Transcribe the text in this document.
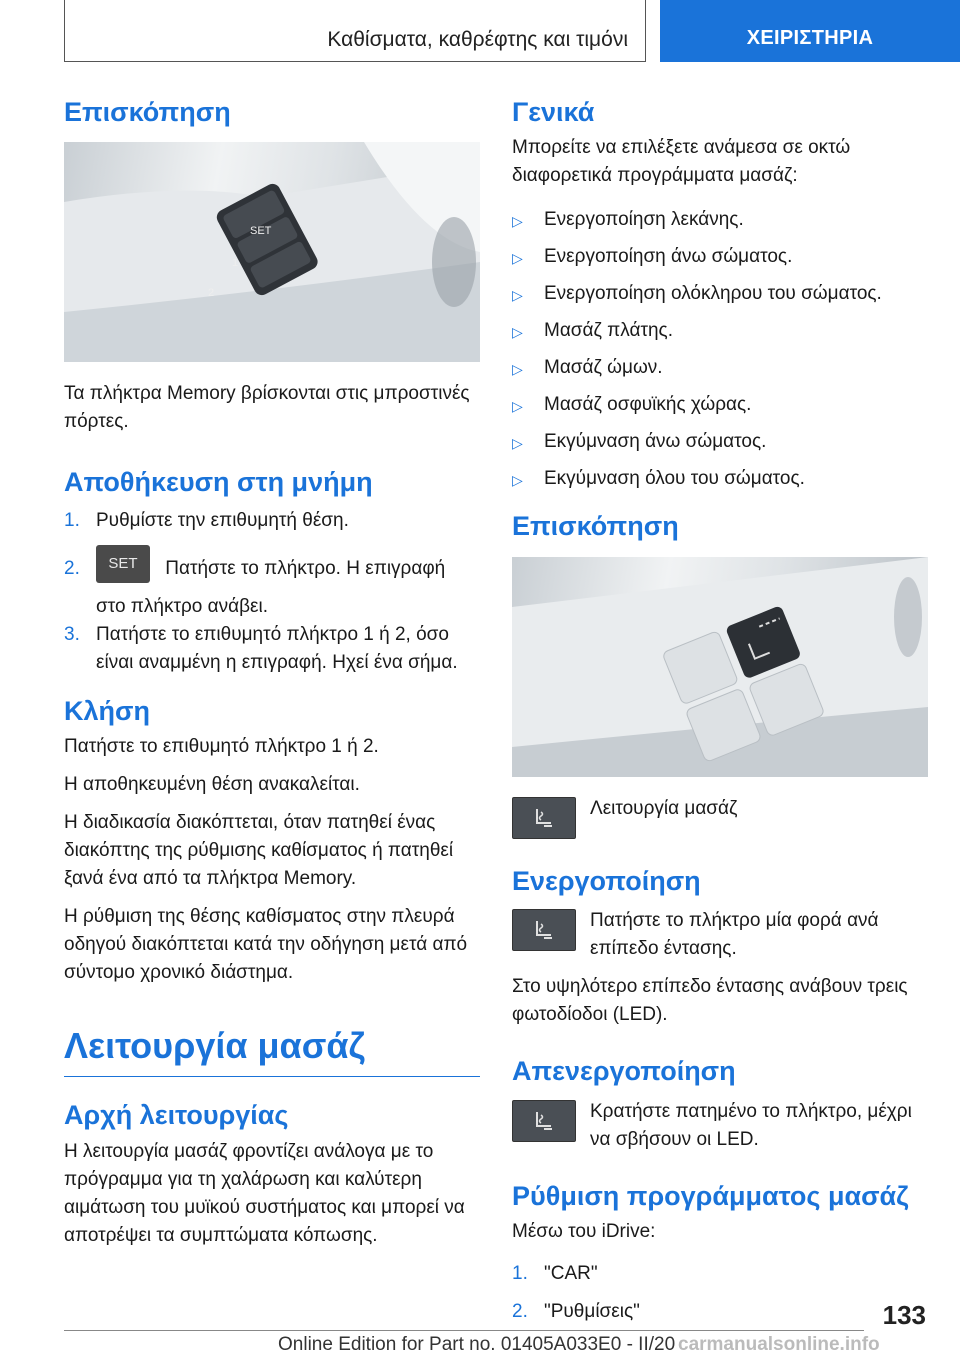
Καθίσματα, καθρέφτης και τιμόνι	ΧΕΙΡΙΣΤΗΡΙΑ
Επισκόπηση
SET
1
2

Τα πλήκτρα Memory βρίσκονται στις μπροστινές πόρτες.

Αποθήκευση στη μνήμη
1. Ρυθμίστε την επιθυμητή θέση.
2.	SET Πατήστε το πλήκτρο. Η επιγραφή στο πλήκτρο ανάβει.
3. Πατήστε το επιθυμητό πλήκτρο 1 ή 2, όσο είναι αναμμένη η επιγραφή. Ηχεί ένα σήμα.
Κλήση

Πατήστε το επιθυμητό πλήκτρο 1 ή 2.

Η αποθηκευμένη θέση ανακαλείται.

Η διαδικασία διακόπτεται, όταν πατηθεί ένας διακόπτης της ρύθμισης καθίσματος ή πατηθεί ξανά ένα από τα πλήκτρα Memory.

Η ρύθμιση της θέσης καθίσματος στην πλευρά οδηγού διακόπτεται κατά την οδήγηση μετά από σύντομο χρονικό διάστημα.

Λειτουργία μασάζ
Αρχή λειτουργίας

Η λειτουργία μασάζ φροντίζει ανάλογα με το πρόγραμμα για τη χαλάρωση και καλύτερη αιμάτωση του μυϊκού συστήματος και μπορεί να αποτρέψει τα συμπτώματα κόπωσης.

Γενικά

Μπορείτε να επιλέξετε ανάμεσα σε οκτώ διαφορετικά προγράμματα μασάζ:

▷	Ενεργοποίηση λεκάνης.
▷	Ενεργοποίηση άνω σώματος.
▷	Ενεργοποίηση ολόκληρου του σώματος.
▷	Μασάζ πλάτης.
▷	Μασάζ ώμων.
▷	Μασάζ οσφυϊκής χώρας.
▷	Εκγύμναση άνω σώματος.
▷	Εκγύμναση όλου του σώματος.
Επισκόπηση
Λειτουργία μασάζ
Ενεργοποίηση
Πατήστε το πλήκτρο μία φορά ανά επίπεδο έντασης.

Στο υψηλότερο επίπεδο έντασης ανάβουν τρεις φωτοδίοδοι (LED).

Απενεργοποίηση
Κρατήστε πατημένο το πλήκτρο, μέχρι να σβήσουν οι LED.
Ρύθμιση προγράμματος μασάζ

Μέσω του iDrive:

1. "CAR"
2. "Ρυθμίσεις"	133
Online Edition for Part no. 01405A033E0 - II/20 carmanualsonline.info
